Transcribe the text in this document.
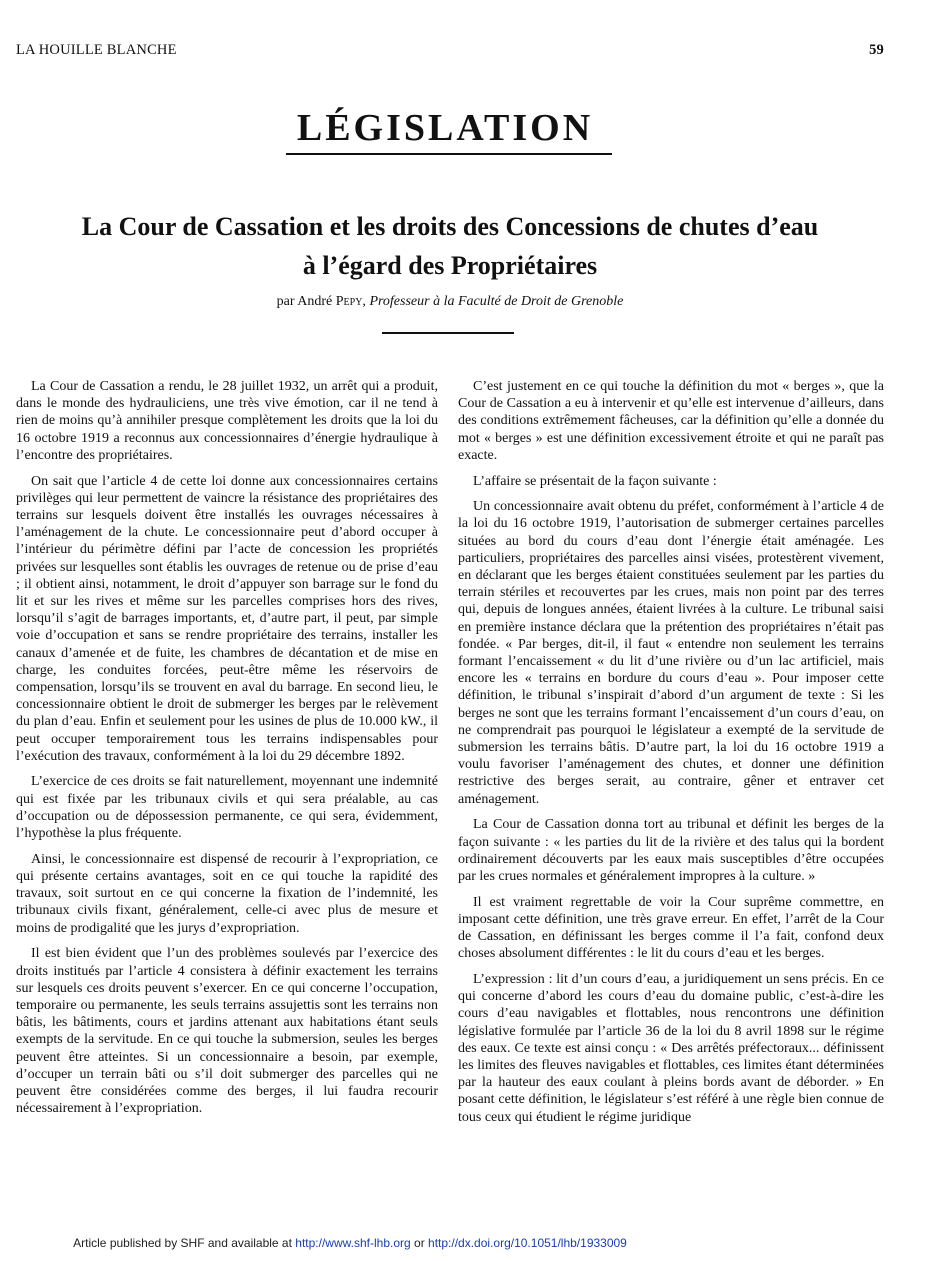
LA HOUILLE BLANCHE	59
LÉGISLATION
La Cour de Cassation et les droits des Concessions de chutes d’eau
à l’égard des Propriétaires
par André Pepy, Professeur à la Faculté de Droit de Grenoble

La Cour de Cassation a rendu, le 28 juillet 1932, un arrêt qui a produit, dans le monde des hydrauliciens, une très vive émotion, car il ne tend à rien de moins qu’à annihiler presque complètement les droits que la loi du 16 octobre 1919 a reconnus aux concessionnaires d’énergie hydraulique à l’encontre des propriétaires.

On sait que l’article 4 de cette loi donne aux concessionnaires certains privilèges qui leur permettent de vaincre la résistance des propriétaires des terrains sur lesquels doivent être installés les ouvrages nécessaires à l’aménagement de la chute. Le concessionnaire peut d’abord occuper à l’intérieur du périmètre défini par l’acte de concession les propriétés privées sur lesquelles sont établis les ouvrages de retenue ou de prise d’eau ; il obtient ainsi, notamment, le droit d’appuyer son barrage sur le fond du lit et sur les rives et même sur les parcelles comprises hors des rives, lorsqu’il s’agit de barrages importants, et, d’autre part, il peut, par simple voie d’occupation et sans se rendre propriétaire des terrains, installer les canaux d’amenée et de fuite, les chambres de décantation et de mise en charge, les conduites forcées, peut-être même les réservoirs de compensation, lorsqu’ils se trouvent en aval du barrage. En second lieu, le concessionnaire obtient le droit de submerger les berges par le relèvement du plan d’eau. Enfin et seulement pour les usines de plus de 10.000 kW., il peut occuper temporairement tous les terrains indispensables pour l’exécution des travaux, conformément à la loi du 29 décembre 1892.

L’exercice de ces droits se fait naturellement, moyennant une indemnité qui est fixée par les tribunaux civils et qui sera préalable, au cas d’occupation ou de dépossession permanente, ce qui sera, évidemment, l’hypothèse la plus fréquente.

Ainsi, le concessionnaire est dispensé de recourir à l’expropriation, ce qui présente certains avantages, soit en ce qui touche la rapidité des travaux, soit surtout en ce qui concerne la fixation de l’indemnité, les tribunaux civils fixant, généralement, celle-ci avec plus de mesure et moins de prodigalité que les jurys d’expropriation.

Il est bien évident que l’un des problèmes soulevés par l’exercice des droits institués par l’article 4 consistera à définir exactement les terrains sur lesquels ces droits peuvent s’exercer. En ce qui concerne l’occupation, temporaire ou permanente, les seuls terrains assujettis sont les terrains non bâtis, les bâtiments, cours et jardins attenant aux habitations étant seuls exempts de la servitude. En ce qui touche la submersion, seules les berges peuvent être atteintes. Si un concessionnaire a besoin, par exemple, d’occuper un terrain bâti ou s’il doit submerger des parcelles qui ne peuvent être considérées comme des berges, il lui faudra recourir nécessairement à l’expropriation.

C’est justement en ce qui touche la définition du mot « berges », que la Cour de Cassation a eu à intervenir et qu’elle est intervenue d’ailleurs, dans des conditions extrêmement fâcheuses, car la définition qu’elle a donnée du mot « berges » est une définition excessivement étroite et qui ne paraît pas exacte.

L’affaire se présentait de la façon suivante :

Un concessionnaire avait obtenu du préfet, conformément à l’article 4 de la loi du 16 octobre 1919, l’autorisation de submerger certaines parcelles situées au bord du cours d’eau dont l’énergie était aménagée. Les particuliers, propriétaires des parcelles ainsi visées, protestèrent vivement, en déclarant que les berges étaient constituées seulement par les parties du terrain stériles et recouvertes par les crues, mais non point par des terres qui, depuis de longues années, étaient livrées à la culture. Le tribunal saisi en première instance déclara que la prétention des propriétaires n’était pas fondée. « Par berges, dit-il, il faut « entendre non seulement les terrains formant l’encaissement « du lit d’une rivière ou d’un lac artificiel, mais encore les « terrains en bordure du cours d’eau ». Pour imposer cette définition, le tribunal s’inspirait d’abord d’un argument de texte : Si les berges ne sont que les terrains formant l’encaissement d’un cours d’eau, on ne comprendrait pas pourquoi le législateur a exempté de la servitude de submersion les terrains bâtis. D’autre part, la loi du 16 octobre 1919 a voulu favoriser l’aménagement des chutes, et donner une définition restrictive des berges serait, au contraire, gêner et entraver cet aménagement.

La Cour de Cassation donna tort au tribunal et définit les berges de la façon suivante : « les parties du lit de la rivière et des talus qui la bordent ordinairement découverts par les eaux mais susceptibles d’être occupées par les crues normales et généralement impropres à la culture. »

Il est vraiment regrettable de voir la Cour suprême commettre, en imposant cette définition, une très grave erreur. En effet, l’arrêt de la Cour de Cassation, en définissant les berges comme il l’a fait, confond deux choses absolument différentes : le lit du cours d’eau et les berges.

L’expression : lit d’un cours d’eau, a juridiquement un sens précis. En ce qui concerne d’abord les cours d’eau du domaine public, c’est-à-dire les cours d’eau navigables et flottables, nous rencontrons une définition législative formulée par l’article 36 de la loi du 8 avril 1898 sur le régime des eaux. Ce texte est ainsi conçu : « Des arrêtés préfectoraux... définissent les limites des fleuves navigables et flottables, ces limites étant déterminées par la hauteur des eaux coulant à pleins bords avant de déborder. » En posant cette définition, le législateur s’est référé à une règle bien connue de tous ceux qui étudient le régime juridique

Article published by SHF and available at http://www.shf-lhb.org or http://dx.doi.org/10.1051/lhb/1933009
